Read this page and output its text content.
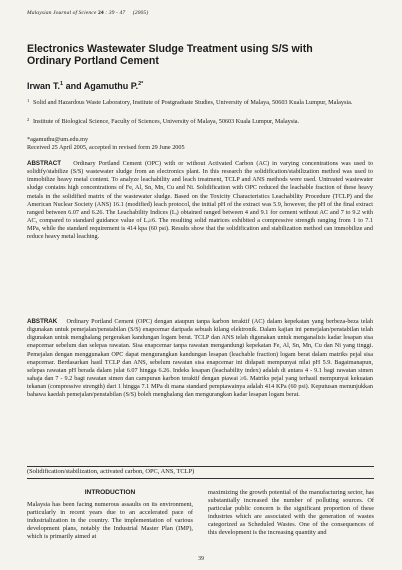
Malaysian Journal of Science 24 : 39 - 47 (2005)
Electronics Wastewater Sludge Treatment using S/S with Ordinary Portland Cement
Irwan T.$^1$ and Agamuthu P.$^{2*}$
1 Solid and Hazardous Waste Laboratory, Institute of Postgraduate Studies, University of Malaya, 50603 Kuala Lumpur, Malaysia.
2 Institute of Biological Science, Faculty of Sciences, University of Malaya, 50603 Kuala Lumpur, Malaysia.
*agamuthu@um.edu.my
Received 25 April 2005, accepted in revised form 29 June 2005
ABSTRACT Ordinary Portland Cement (OPC) with or without Activated Carbon (AC) in varying concentrations was used to solidify/stabilize (S/S) wastewater sludge from an electronics plant. In this research the solidification/stabilization method was used to immobilize heavy metal content. To analyze leachability and leach treatment, TCLP and ANS methods were used. Untreated wastewater sludge contains high concentrations of Fe, Al, Sn, Mn, Cu and Ni. Solidification with OPC reduced the leachable fraction of these heavy metals in the solidified matrix of the wastewater sludge. Based on the Toxicity Characteristics Leachability Procedure (TCLP) and the American Nuclear Society (ANS) 16.1 (modified) leach protocol, the initial pH of the extract was 5.9, however, the pH of the final extract ranged between 6.07 and 6.26. The Leachability Indices (Lᵢ) obtained ranged between 4 and 9.1 for cement without AC and 7 to 9.2 with AC, compared to standard guidance value of Lᵢ≥6. The resulting solid matrices exhibited a compressive strength ranging from 1 to 7.1 MPa, while the standard requirement is 414 kpa (60 psi). Results show that the solidification and stabilization method can immobilize and reduce heavy metal leaching.
ABSTRAK Ordinary Portland Cement (OPC) dengan ataupun tanpa karbon teraktif (AC) dalam kepekatan yang berbeza-beza telah digunakan untuk pemejalan/penstabilan (S/S) enapcemar daripada sebuah kilang elektronik. Dalam kajian ini pemejalan/penstabilan telah digunakan untuk menghalang pergerakan kandungan logam berat. TCLP dan ANS telah digunakan untuk menganalisis kadar lesapan sisa enapcemar sebelum dan selepas rawatan. Sisa enapcemar tanpa rawatan mengandungi kepekatan Fe, Al, Sn, Mn, Cu dan Ni yang tinggi. Pemejalan dengan menggunakan OPC dapat mengurangkan kandungan lesapan (leachable fraction) logam berat dalam matriks pejal sisa enapcemar. Berdasarkan hasil TCLP dan ANS, sebelum rawatan sisa enapcemar ini didapati mempunyai nilai pH 5.9. Bagaimanapun, selepas rawatan pH berada dalam julat 6.07 hingga 6.26. Indeks lesapan (leachability index) adalah di antara 4 - 9.1 bagi rawatan simen sahaja dan 7 - 9.2 bagi rawatan simen dan campuran karbon teraktif dengan piawai ≥6. Matriks pejal yang terhasil mempunyai kekuatan tekanan (compressive strength) dari 1 hingga 7.1 MPa di mana standard pempiawainya adalah 414 KPa (60 psi). Keputusan menunjukkan bahawa kaedah pemejalan/penstabilan (S/S) boleh menghalang dan mengurangkan kadar lesapan logam berat.
(Solidification/stabilization, activated carbon, OPC, ANS, TCLP)
INTRODUCTION
Malaysia has been facing numerous assaults on its environment, particularly in recent years due to an accelerated pace of industrialization in the country. The implementation of various development plans, notably the Industrial Master Plan (IMP), which is primarily aimed at
maximizing the growth potential of the manufacturing sector, has substantially increased the number of polluting sources. Of particular public concern is the significant proportion of these industries which are associated with the generation of wastes categorized as Scheduled Wastes. One of the consequences of this development is the increasing quantity and
39
